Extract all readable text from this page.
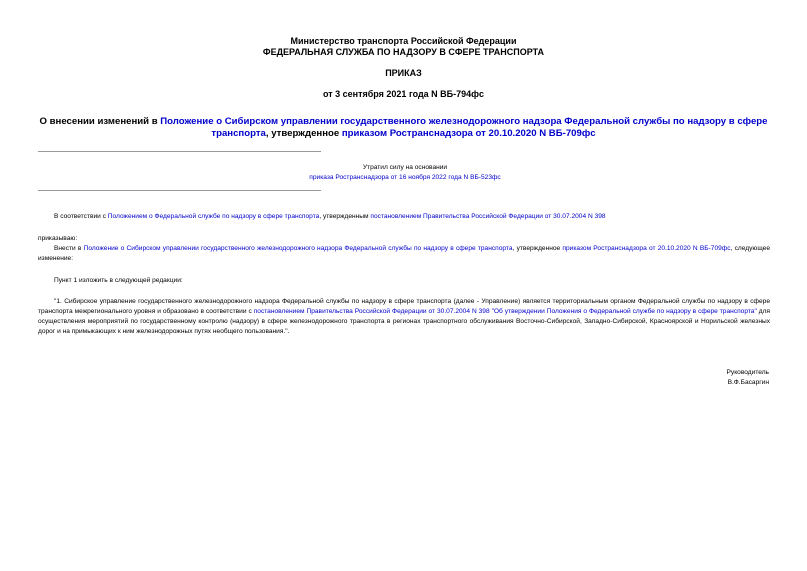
Министерство транспорта Российской Федерации
ФЕДЕРАЛЬНАЯ СЛУЖБА ПО НАДЗОРУ В СФЕРЕ ТРАНСПОРТА
ПРИКАЗ
от 3 сентября 2021 года N ВБ-794фс
О внесении изменений в Положение о Сибирском управлении государственного железнодорожного надзора Федеральной службы по надзору в сфере транспорта, утвержденное приказом Ространснадзора от 20.10.2020 N ВБ-709фс
Утратил силу на основании
приказа Ространснадзора от 16 ноября 2022 года N ВБ-523фс
В соответствии с Положением о Федеральной службе по надзору в сфере транспорта, утвержденным постановлением Правительства Российской Федерации от 30.07.2004 N 398
приказываю:
Внести в Положение о Сибирском управлении государственного железнодорожного надзора Федеральной службы по надзору в сфере транспорта, утвержденное приказом Ространснадзора от 20.10.2020 N ВБ-709фс, следующее изменение:
Пункт 1 изложить в следующей редакции:
"1. Сибирское управление государственного железнодорожного надзора Федеральной службы по надзору в сфере транспорта (далее - Управление) является территориальным органом Федеральной службы по надзору в сфере транспорта межрегионального уровня и образовано в соответствии с постановлением Правительства Российской Федерации от 30.07.2004 N 398 "Об утверждении Положения о Федеральной службе по надзору в сфере транспорта" для осуществления мероприятий по государственному контролю (надзору) в сфере железнодорожного транспорта в регионах транспортного обслуживания Восточно-Сибирской, Западно-Сибирской, Красноярской и Норильской железных дорог и на примыкающих к ним железнодорожных путях необщего пользования.".
Руководитель
В.Ф.Басаргин
